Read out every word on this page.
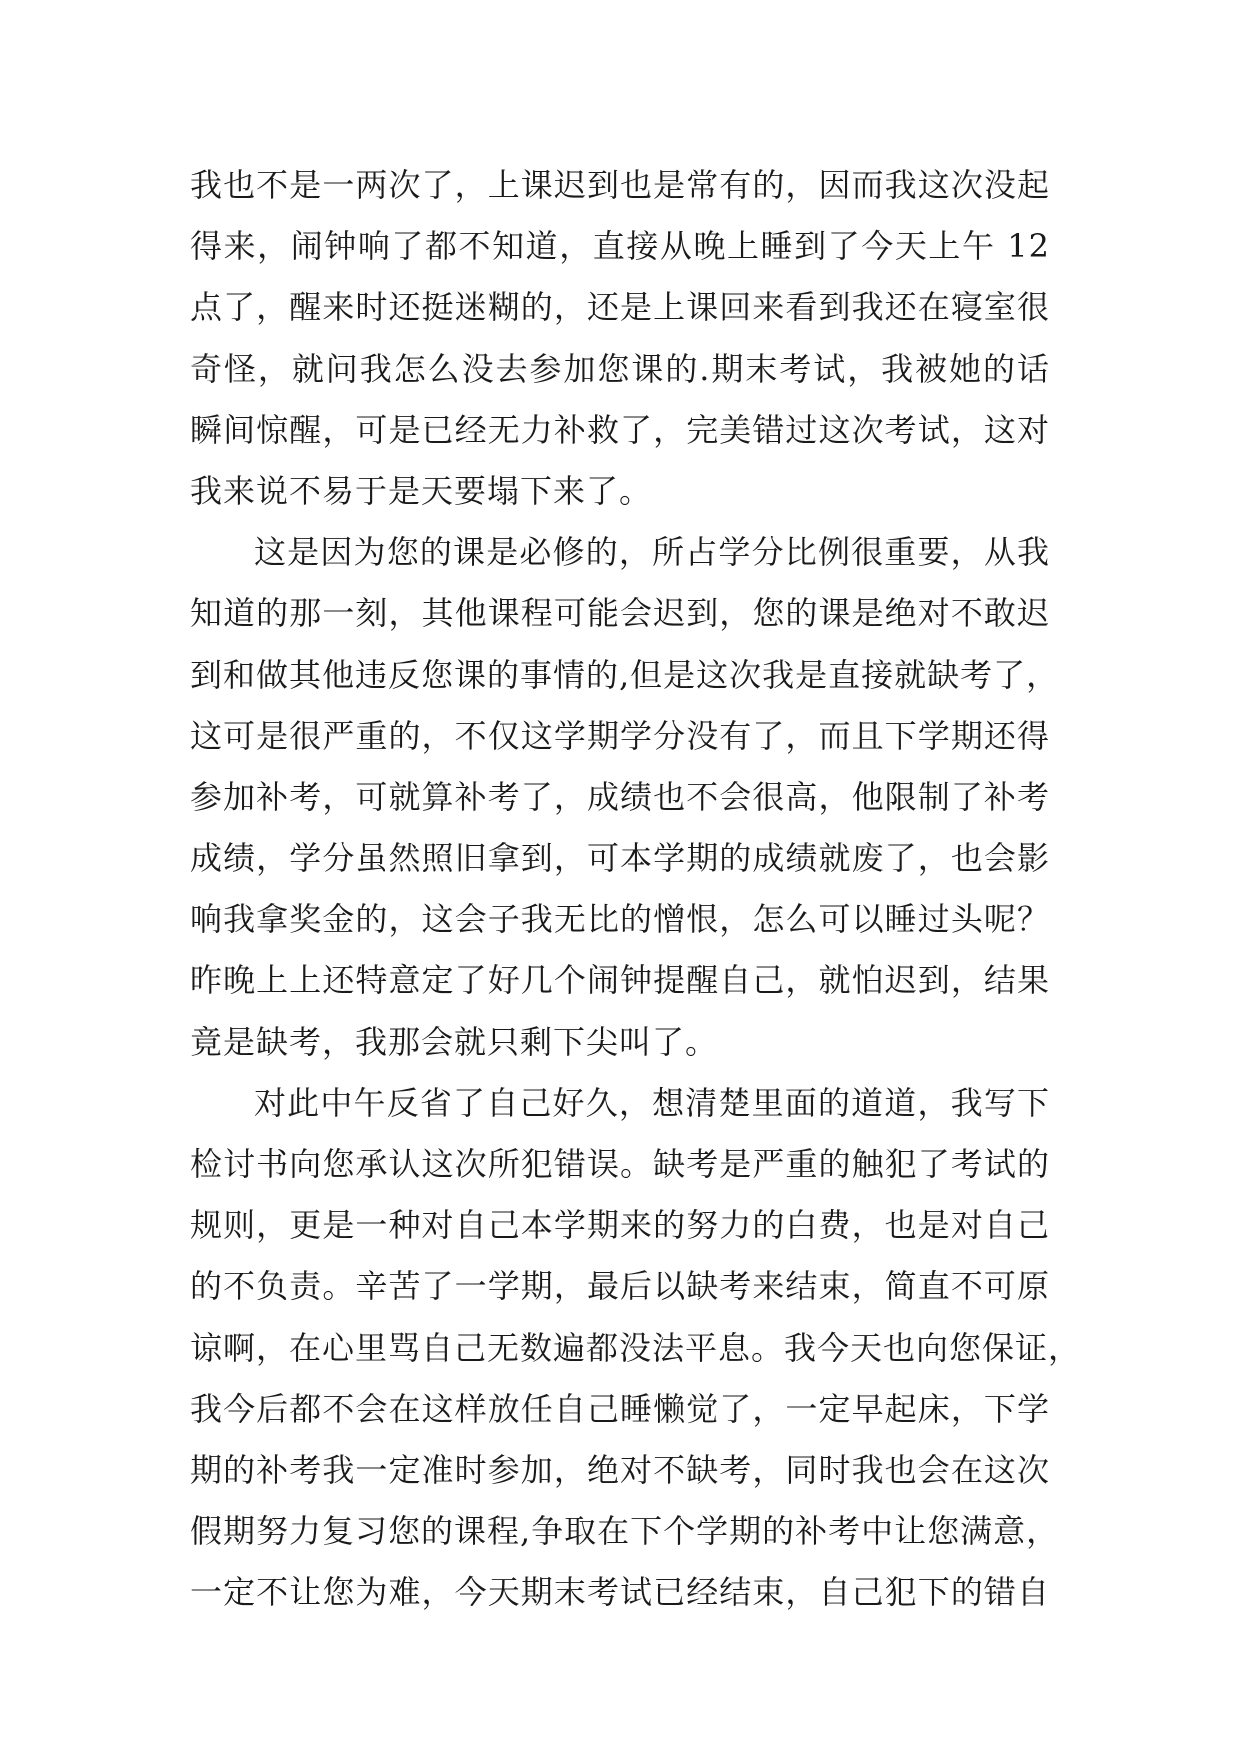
我也不是一两次了，上课迟到也是常有的，因而我这次没起
得来，闹钟响了都不知道，直接从晚上睡到了今天上午 12
点了，醒来时还挺迷糊的，还是上课回来看到我还在寝室很
奇怪，就问我怎么没去参加您课的.期末考试，我被她的话
瞬间惊醒，可是已经无力补救了，完美错过这次考试，这对
我来说不易于是天要塌下来了。
这是因为您的课是必修的，所占学分比例很重要，从我
知道的那一刻，其他课程可能会迟到，您的课是绝对不敢迟
到和做其他违反您课的事情的,但是这次我是直接就缺考了，
这可是很严重的，不仅这学期学分没有了，而且下学期还得
参加补考，可就算补考了，成绩也不会很高，他限制了补考
成绩，学分虽然照旧拿到，可本学期的成绩就废了，也会影
响我拿奖金的，这会子我无比的憎恨，怎么可以睡过头呢？
昨晚上上还特意定了好几个闹钟提醒自己，就怕迟到，结果
竟是缺考，我那会就只剩下尖叫了。
对此中午反省了自己好久，想清楚里面的道道，我写下
检讨书向您承认这次所犯错误。缺考是严重的触犯了考试的
规则，更是一种对自己本学期来的努力的白费，也是对自己
的不负责。辛苦了一学期，最后以缺考来结束，简直不可原
谅啊，在心里骂自己无数遍都没法平息。我今天也向您保证，
我今后都不会在这样放任自己睡懒觉了，一定早起床，下学
期的补考我一定准时参加，绝对不缺考，同时我也会在这次
假期努力复习您的课程,争取在下个学期的补考中让您满意，
一定不让您为难，今天期末考试已经结束，自己犯下的错自
